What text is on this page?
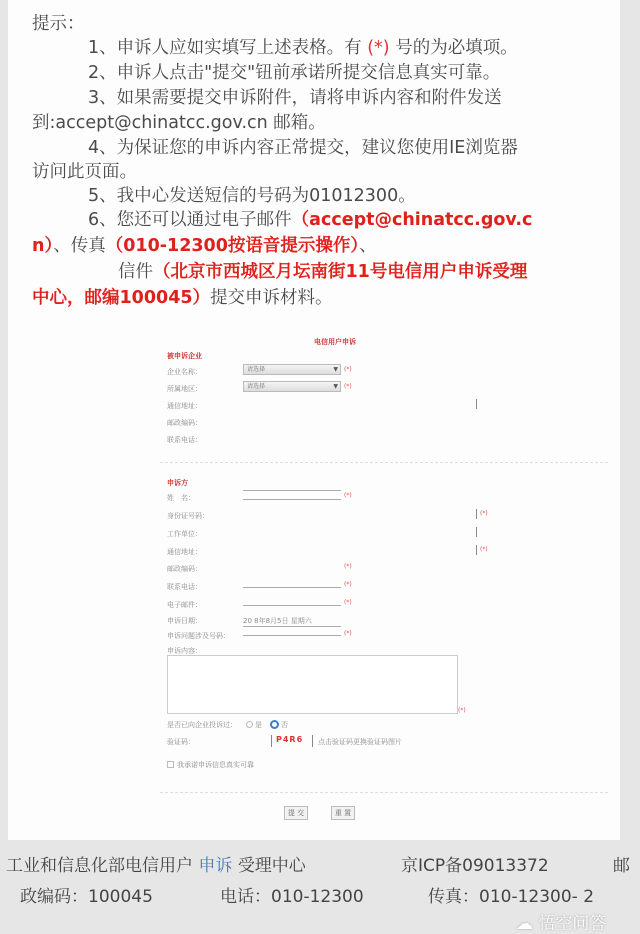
提示：
1、申诉人应如实填写上述表格。有 (*) 号的为必填项。
2、申诉人点击"提交"钮前承诺所提交信息真实可靠。
3、如果需要提交申诉附件，请将申诉内容和附件发送
到:accept@chinatcc.gov.cn 邮箱。
4、为保证您的申诉内容正常提交，建议您使用IE浏览器
访问此页面。
5、我中心发送短信的号码为01012300。
6、您还可以通过电子邮件（accept@chinatcc.gov.c
n）、传真（010-12300按语音提示操作）、
信件（北京市西城区月坛南街11号电信用户申诉受理
中心，邮编100045）提交申诉材料。
电信用户申诉
被申诉企业
企业名称：	请选择	▼ (*)
所属地区：	请选择	▼ (*)
通信地址：
邮政编码：
联系电话：
申诉方
姓　名：	(*)
身份证号码：	(*)
工作单位：
通信地址：	(*)
邮政编码：	(*)
联系电话：	(*)
电子邮件：	(*)
申诉日期：	20 8年8月5日 星期六
申诉问题涉及号码：	(*)
申诉内容：
(*)
是否已向企业投诉过：	是	否
验证码：	P4R6 点击验证码更换验证码图片
我承诺申诉信息真实可靠
提 交	重 置
工业和信息化部电信用户 申诉 受理中心	京ICP备09013372	邮
政编码：100045	电话：010-12300	传真：010-12300- 2
☁ 悟空问答
